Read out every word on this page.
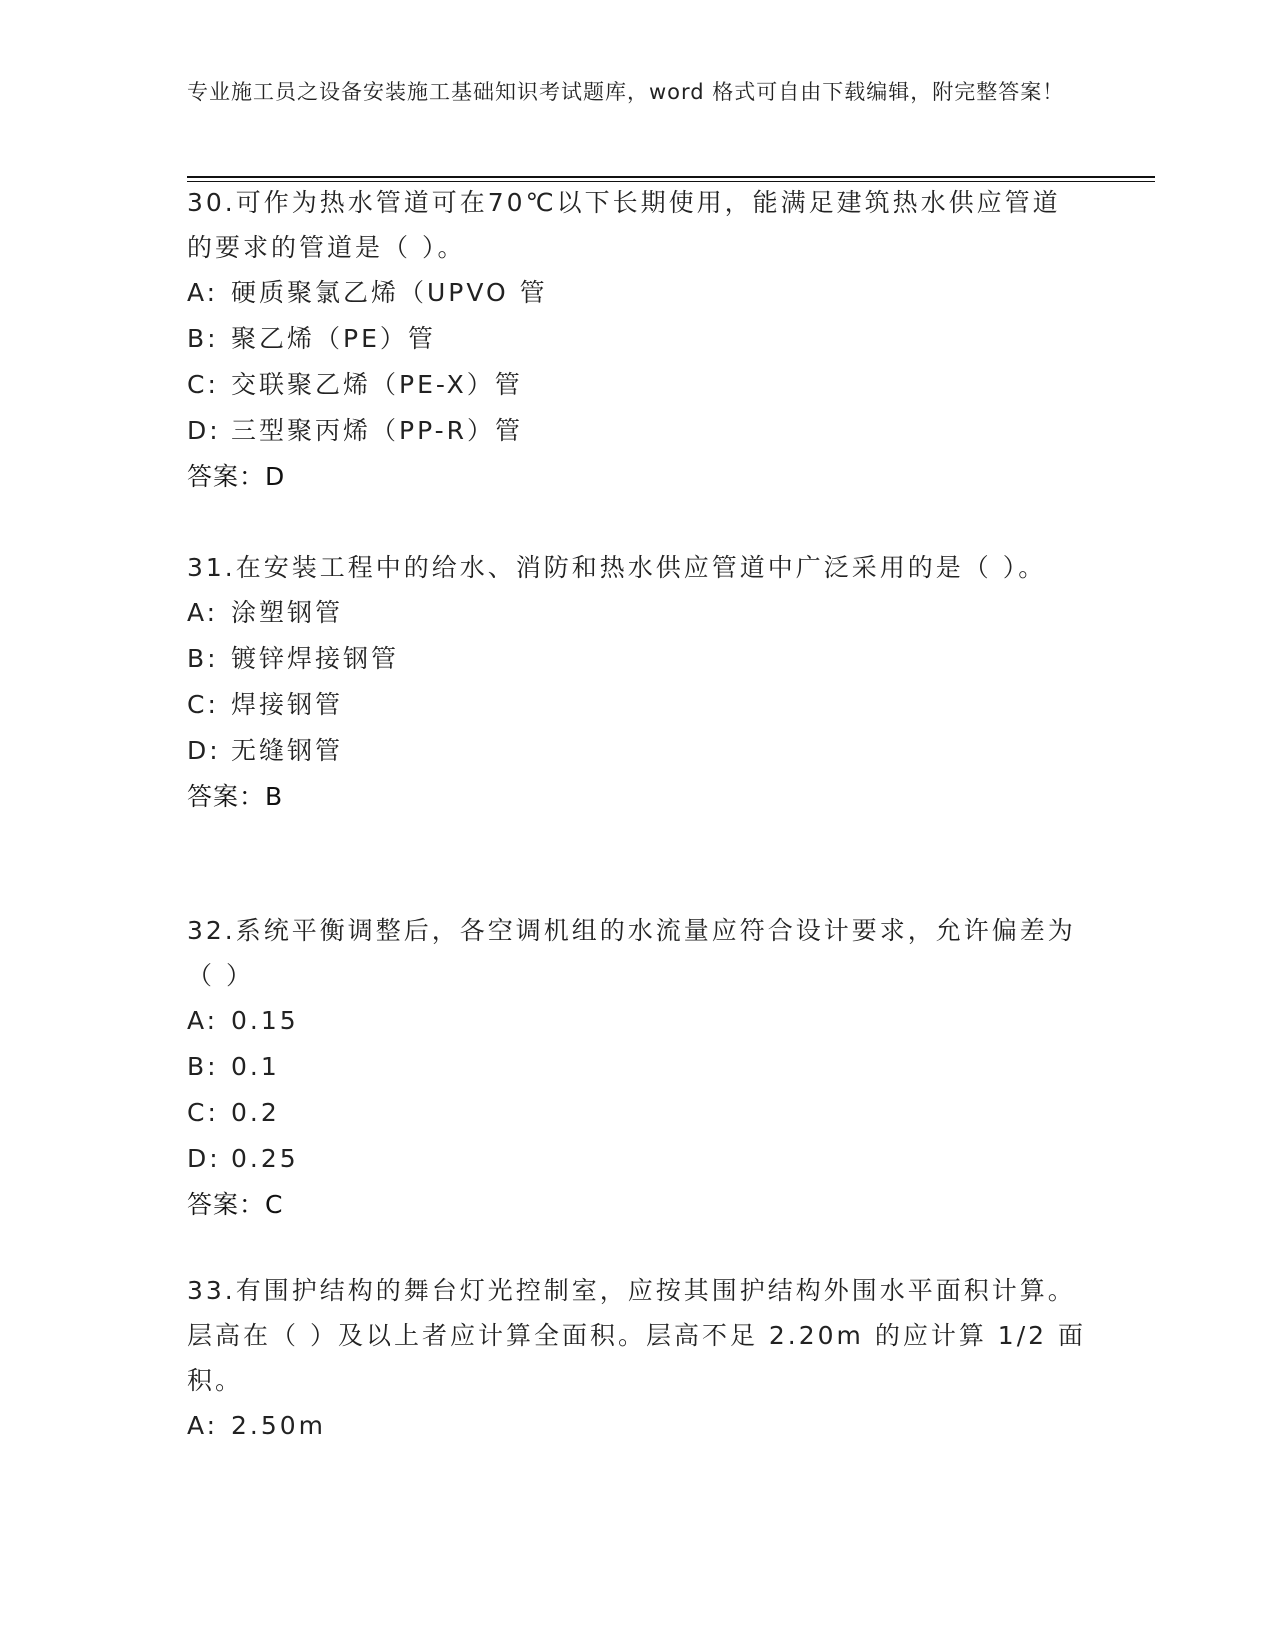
专业施工员之设备安装施工基础知识考试题库，word 格式可自由下载编辑，附完整答案！
30.可作为热水管道可在70℃以下长期使用，能满足建筑热水供应管道的要求的管道是（ ）。
A: 硬质聚氯乙烯（UPVO 管
B: 聚乙烯（PE）管
C: 交联聚乙烯（PE-X）管
D: 三型聚丙烯（PP-R）管
答案：D
31.在安装工程中的给水、消防和热水供应管道中广泛采用的是（ ）。
A: 涂塑钢管
B: 镀锌焊接钢管
C: 焊接钢管
D: 无缝钢管
答案：B
32.系统平衡调整后，各空调机组的水流量应符合设计要求，允许偏差为（ ）
A: 0.15
B: 0.1
C: 0.2
D: 0.25
答案：C
33.有围护结构的舞台灯光控制室，应按其围护结构外围水平面积计算。层高在（ ）及以上者应计算全面积。层高不足 2.20m 的应计算 1/2 面积。
A: 2.50m
